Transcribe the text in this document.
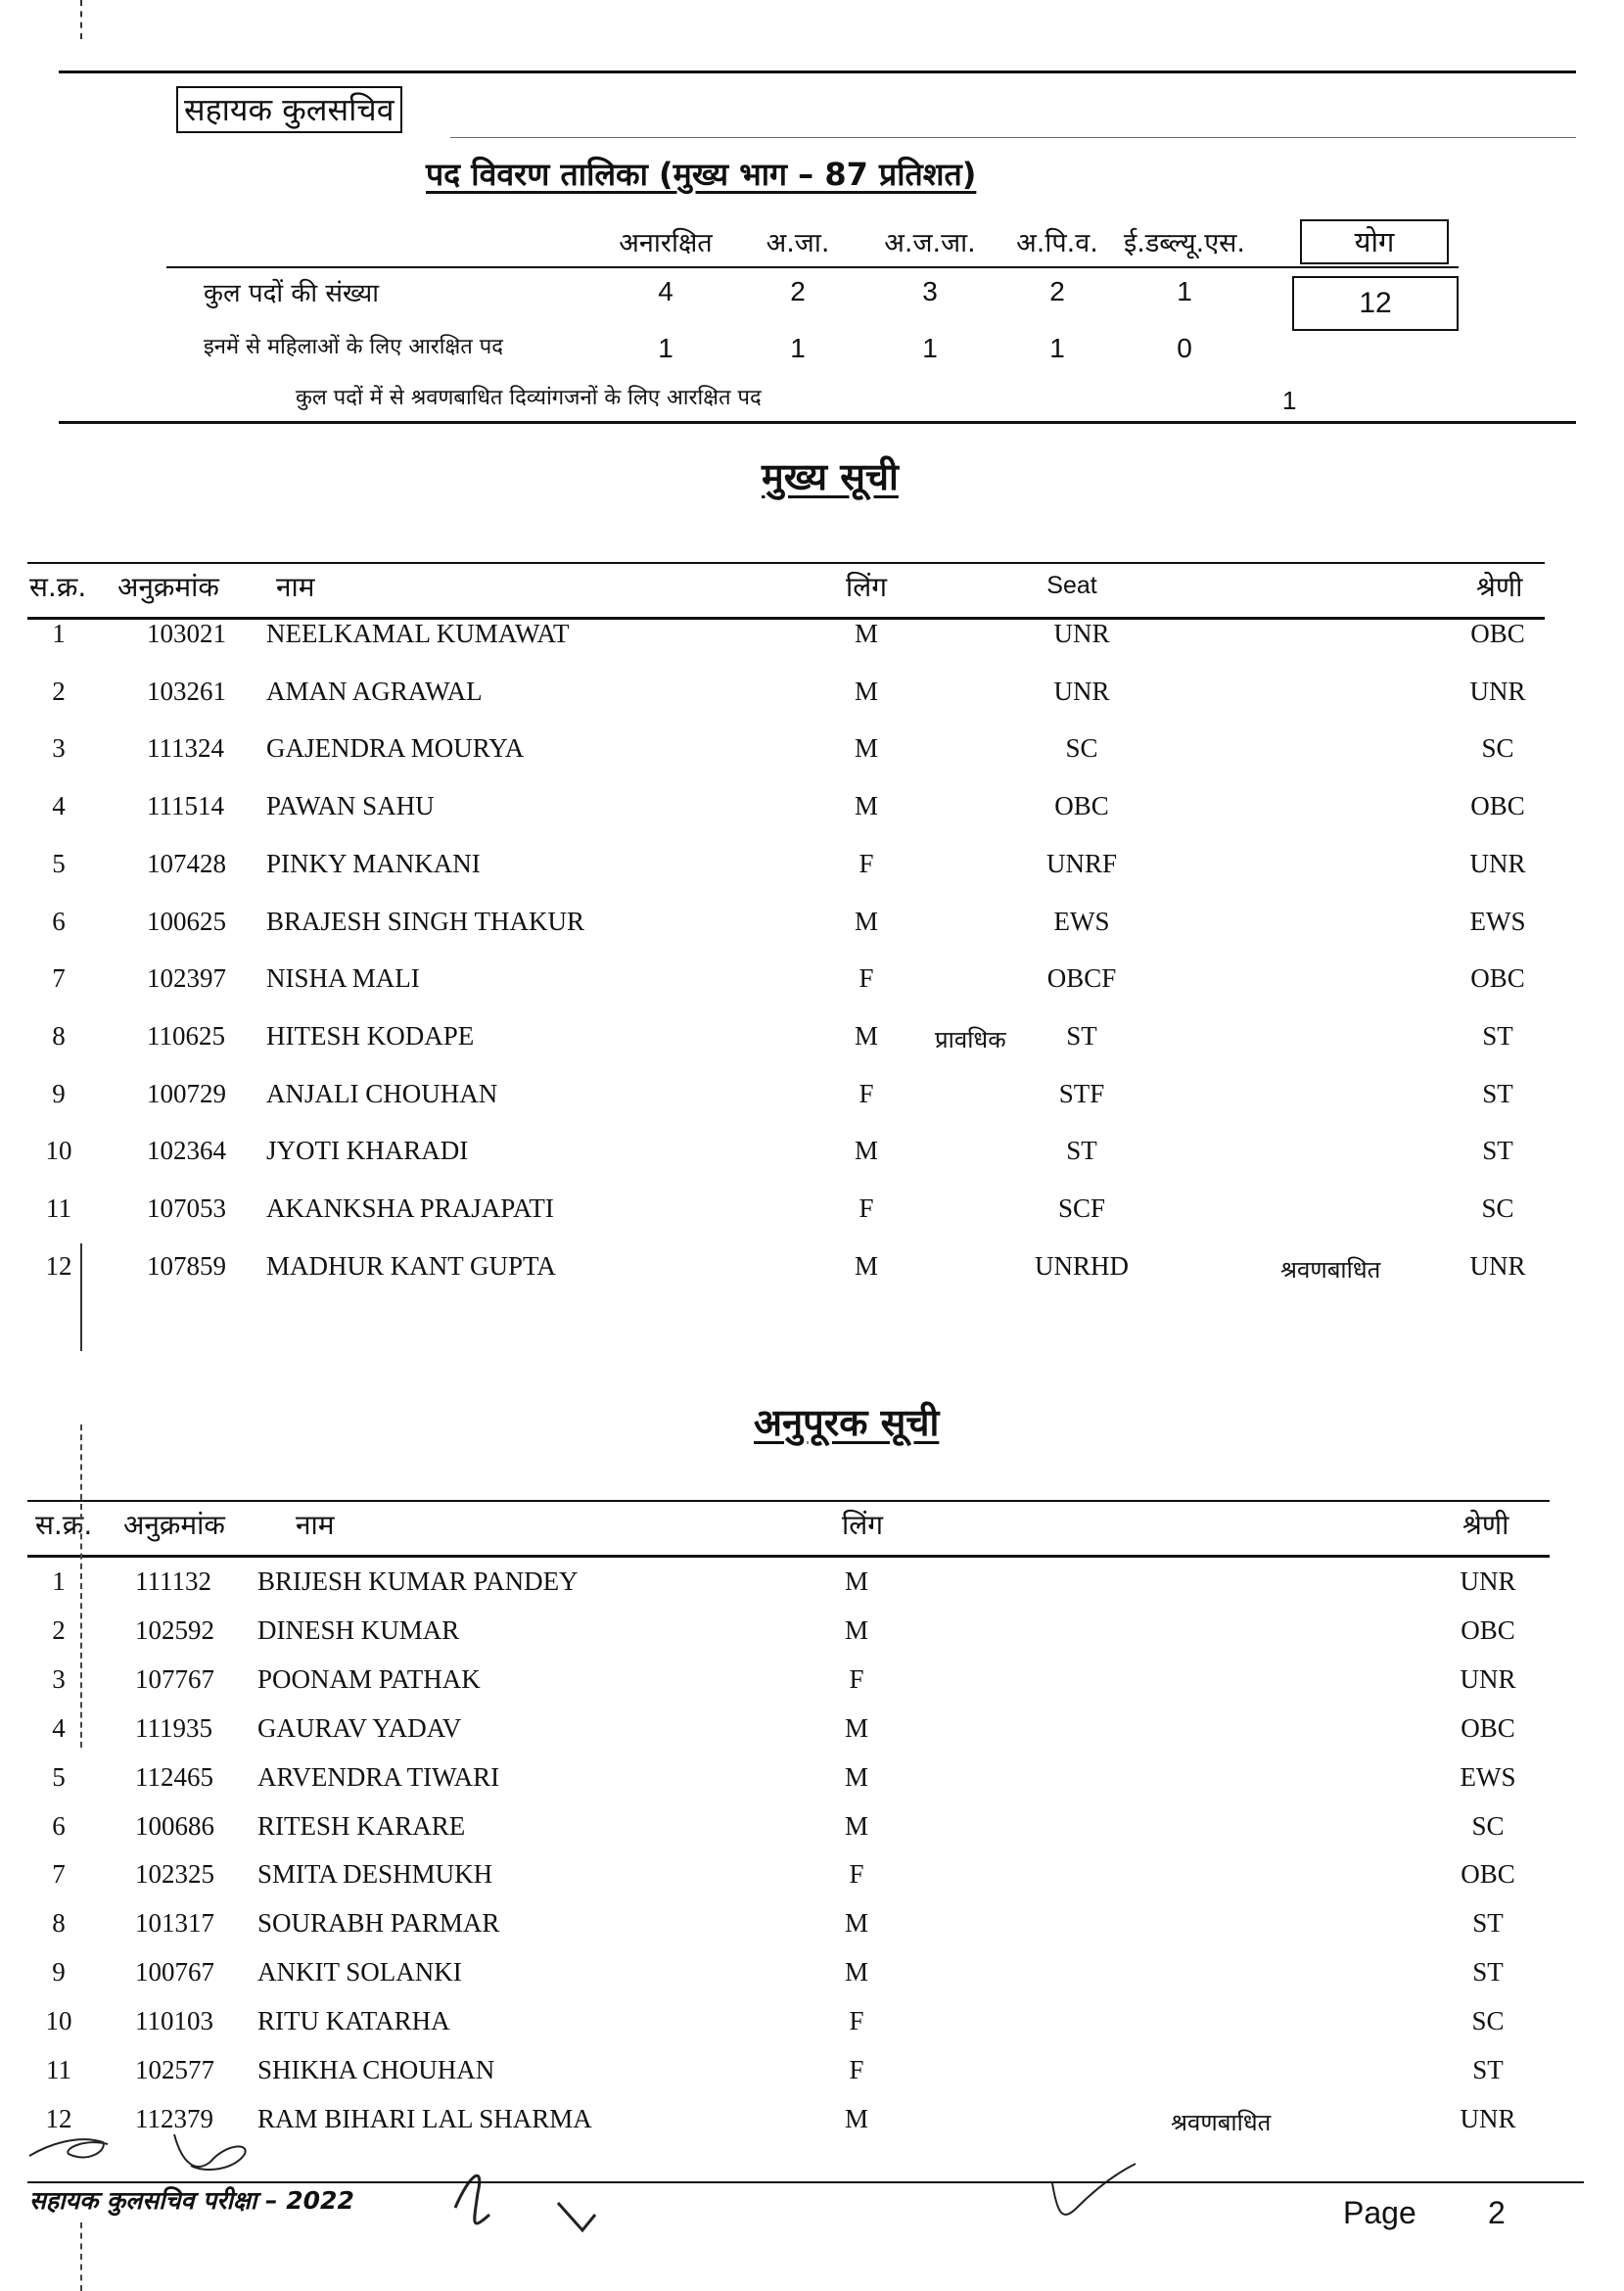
सहायक कुलसचिव
पद विवरण तालिका (मुख्य भाग – 87 प्रतिशत)
अनारक्षित	अ.जा.	अ.ज.जा.	अ.पि.व. ई.डब्ल्यू.एस.	योग
कुल पदों की संख्या	4	2	3	2	1	12
इनमें से महिलाओं के लिए आरक्षित पद	1	1	1	1	0
कुल पदों में से श्रवणबाधित दिव्यांगजनों के लिए आरक्षित पद	1
मुख्य सूची
स.क्र. अनुक्रमांक नाम	लिंग	Seat	श्रेणी
1	103021 NEELKAMAL KUMAWAT	M	UNR	OBC
2	103261 AMAN AGRAWAL	M	UNR	UNR
3	111324 GAJENDRA MOURYA	M	SC	SC
4	111514 PAWAN SAHU	M	OBC	OBC
5	107428 PINKY MANKANI	F	UNRF	UNR
6	100625 BRAJESH SINGH THAKUR	M	EWS	EWS
7	102397 NISHA MALI	F	OBCF	OBC
8	110625 HITESH KODAPE	M	प्रावधिक	ST	ST
9	100729 ANJALI CHOUHAN	F	STF	ST
10	102364 JYOTI KHARADI	M	ST	ST
11	107053 AKANKSHA PRAJAPATI	F	SCF	SC
12	107859 MADHUR KANT GUPTA	M	UNRHD	श्रवणबाधित	UNR
अनुपूरक सूची
स.क्र. अनुक्रमांक	नाम	लिंग	श्रेणी
1	111132 BRIJESH KUMAR PANDEY	M	UNR
2	102592 DINESH KUMAR	M	OBC
3	107767 POONAM PATHAK	F	UNR
4	111935 GAURAV YADAV	M	OBC
5	112465 ARVENDRA TIWARI	M	EWS
6	100686 RITESH KARARE	M	SC
7	102325 SMITA DESHMUKH	F	OBC
8	101317 SOURABH PARMAR	M	ST
9	100767 ANKIT SOLANKI	M	ST
10 110103 RITU KATARHA	F	SC
11 102577 SHIKHA CHOUHAN	F	ST
12 112379 RAM BIHARI LAL SHARMA	M	श्रवणबाधित	UNR
सहायक कुलसचिव परीक्षा – 2022	Page 2
